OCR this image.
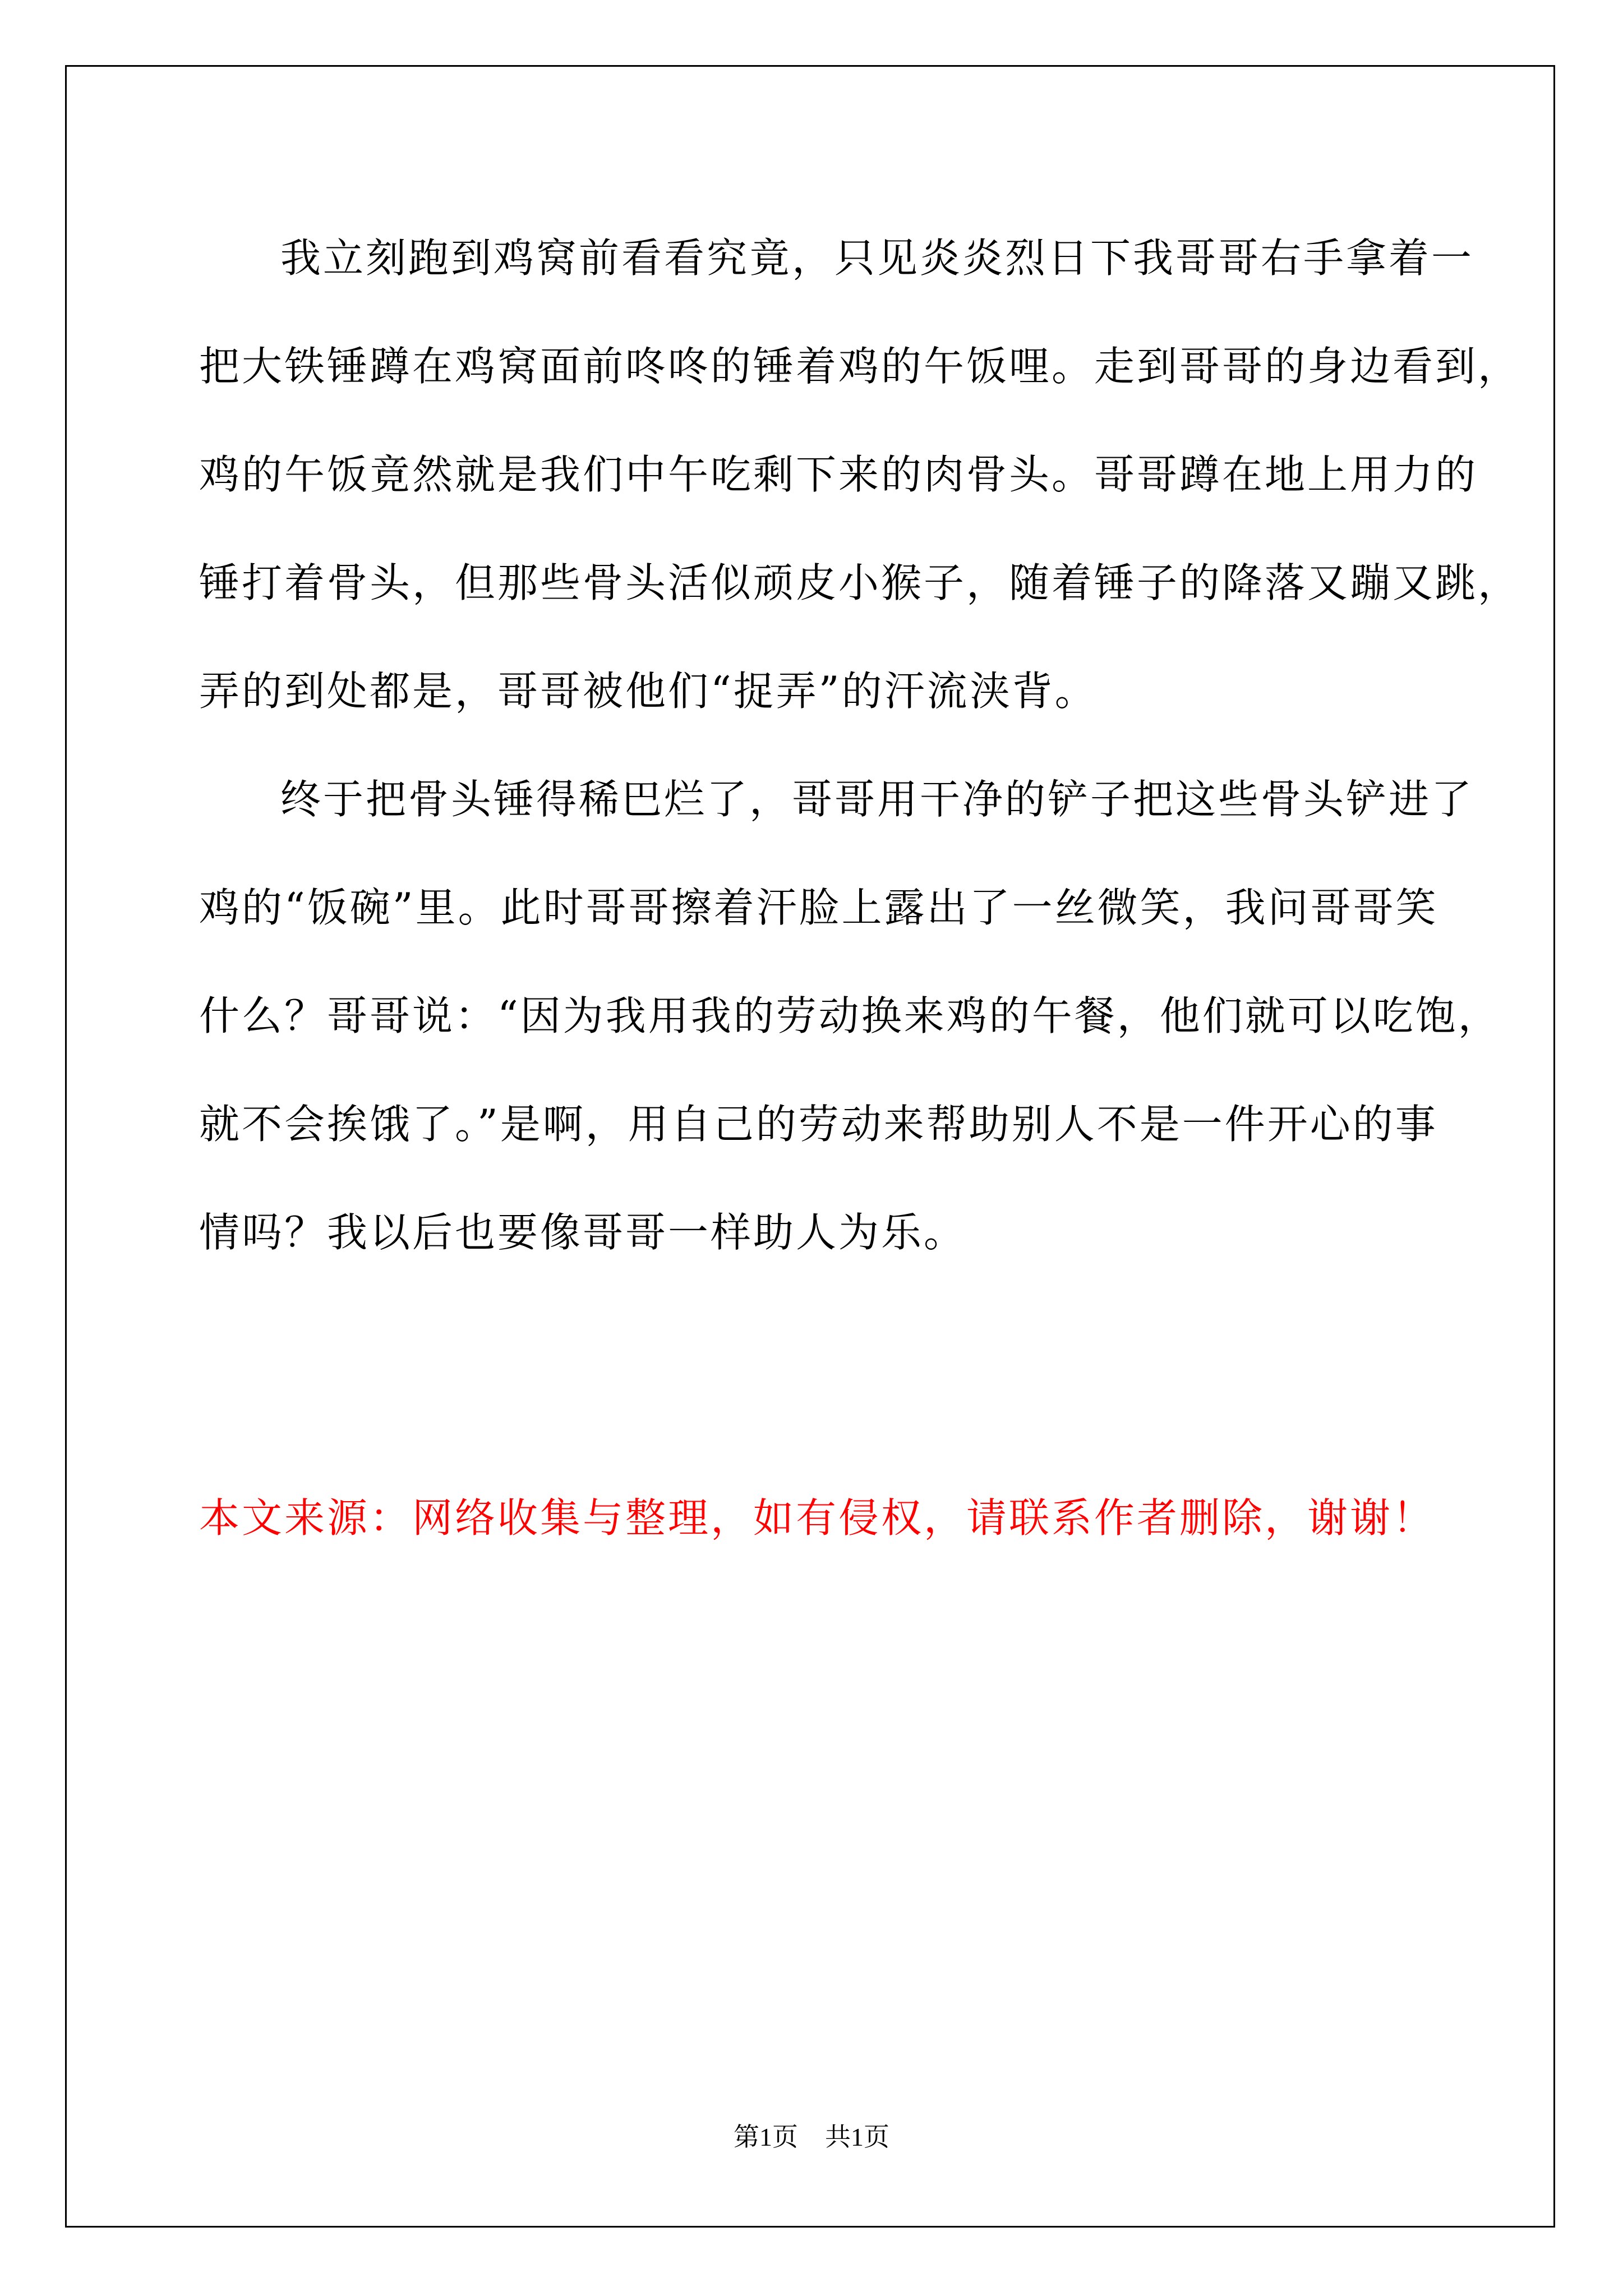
我立刻跑到鸡窝前看看究竟，只见炎炎烈日下我哥哥右手拿着一
把大铁锤蹲在鸡窝面前咚咚的锤着鸡的午饭哩。走到哥哥的身边看到，
鸡的午饭竟然就是我们中午吃剩下来的肉骨头。哥哥蹲在地上用力的
锤打着骨头，但那些骨头活似顽皮小猴子，随着锤子的降落又蹦又跳，
弄的到处都是，哥哥被他们“捉弄”的汗流浃背。
终于把骨头锤得稀巴烂了，哥哥用干净的铲子把这些骨头铲进了
鸡的“饭碗”里。此时哥哥擦着汗脸上露出了一丝微笑，我问哥哥笑
什么？哥哥说：“因为我用我的劳动换来鸡的午餐，他们就可以吃饱，
就不会挨饿了。”是啊，用自己的劳动来帮助别人不是一件开心的事
情吗？我以后也要像哥哥一样助人为乐。
本文来源：网络收集与整理，如有侵权，请联系作者删除，谢谢！
第1页 共1页
